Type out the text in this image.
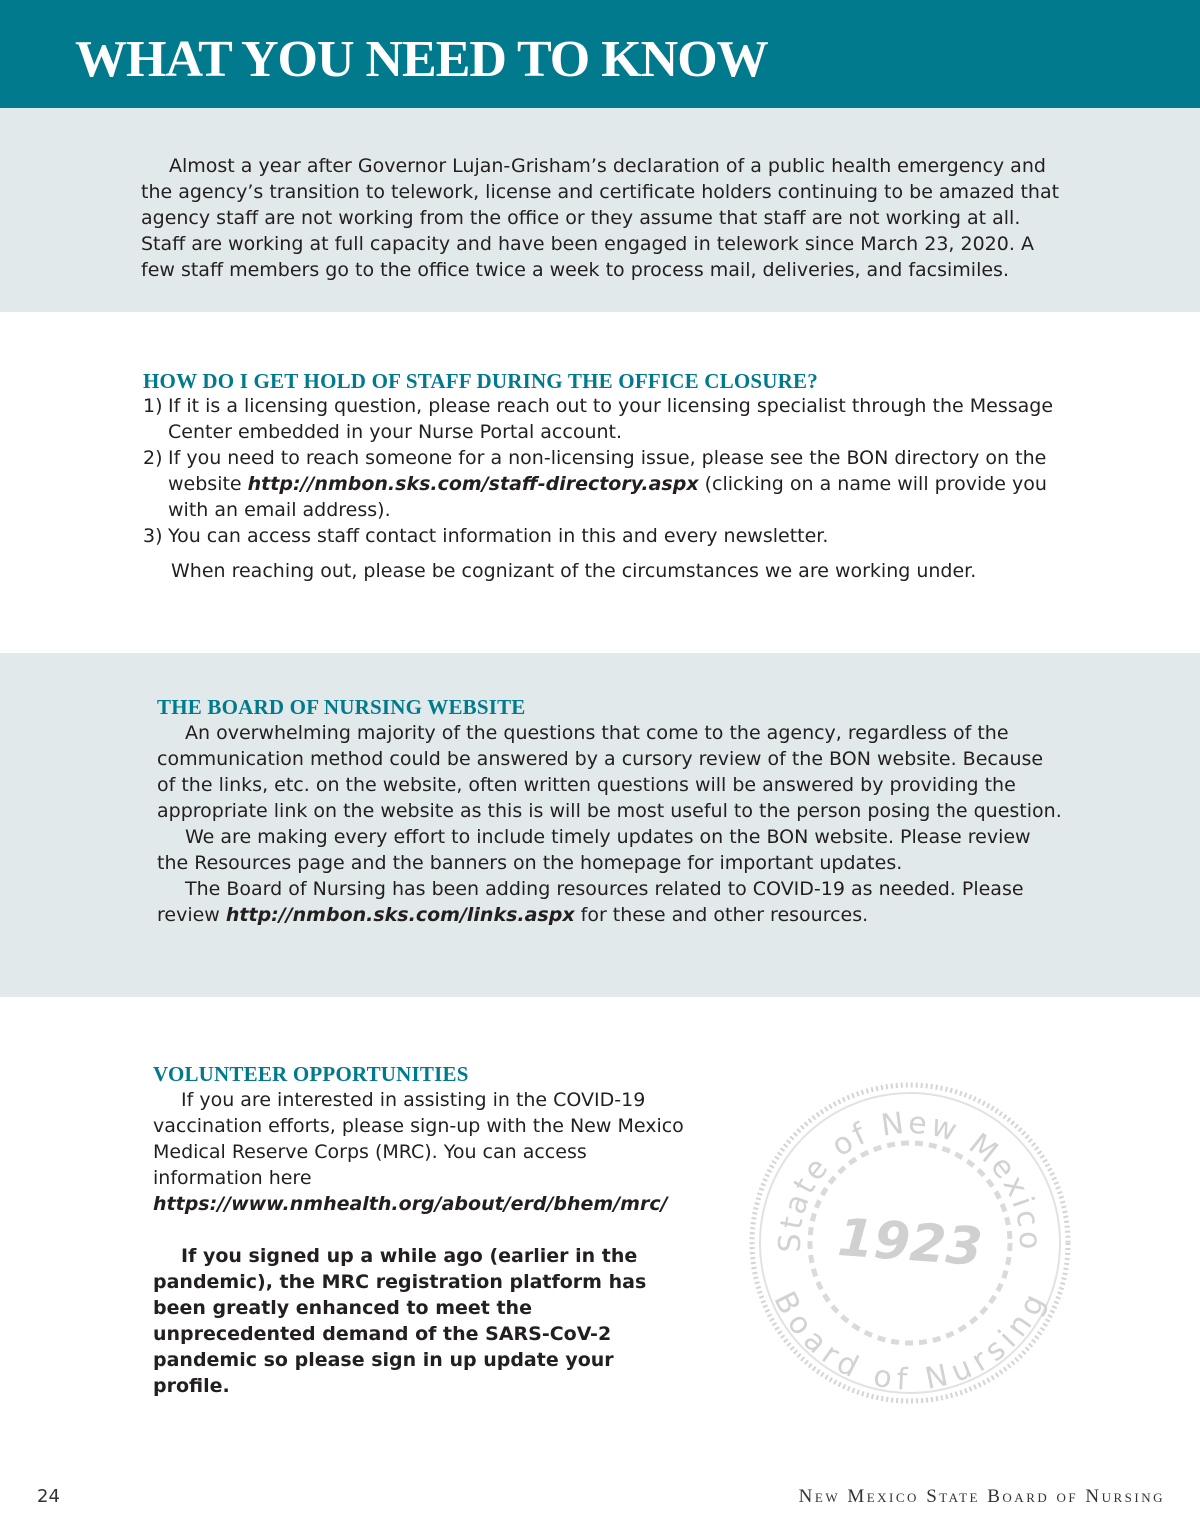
WHAT YOU NEED TO KNOW

Almost a year after Governor Lujan-Grisham’s declaration of a public health emergency and the agency’s transition to telework, license and certificate holders continuing to be amazed that agency staff are not working from the office or they assume that staff are not working at all. Staff are working at full capacity and have been engaged in telework since March 23, 2020. A few staff members go to the office twice a week to process mail, deliveries, and facsimiles.

HOW DO I GET HOLD OF STAFF DURING THE OFFICE CLOSURE?
1) If it is a licensing question, please reach out to your licensing specialist through the Message Center embedded in your Nurse Portal account.
2) If you need to reach someone for a non-licensing issue, please see the BON directory on the website http://nmbon.sks.com/staff-directory.aspx (clicking on a name will provide you with an email address).
3) You can access staff contact information in this and every newsletter.

When reaching out, please be cognizant of the circumstances we are working under.

THE BOARD OF NURSING WEBSITE

An overwhelming majority of the questions that come to the agency, regardless of the communication method could be answered by a cursory review of the BON website. Because of the links, etc. on the website, often written questions will be answered by providing the appropriate link on the website as this is will be most useful to the person posing the question.

We are making every effort to include timely updates on the BON website. Please review the Resources page and the banners on the homepage for important updates.

The Board of Nursing has been adding resources related to COVID-19 as needed. Please review http://nmbon.sks.com/links.aspx for these and other resources.

VOLUNTEER OPPORTUNITIES

If you are interested in assisting in the COVID-19 vaccination efforts, please sign-up with the New Mexico Medical Reserve Corps (MRC). You can access information here https://www.nmhealth.org/about/erd/bhem/mrc/

If you signed up a while ago (earlier in the pandemic), the MRC registration platform has been greatly enhanced to meet the unprecedented demand of the SARS-CoV-2 pandemic so please sign in up update your profile.

State of New Mexico
1923
Board of Nursing
24	New Mexico State Board of Nursing
